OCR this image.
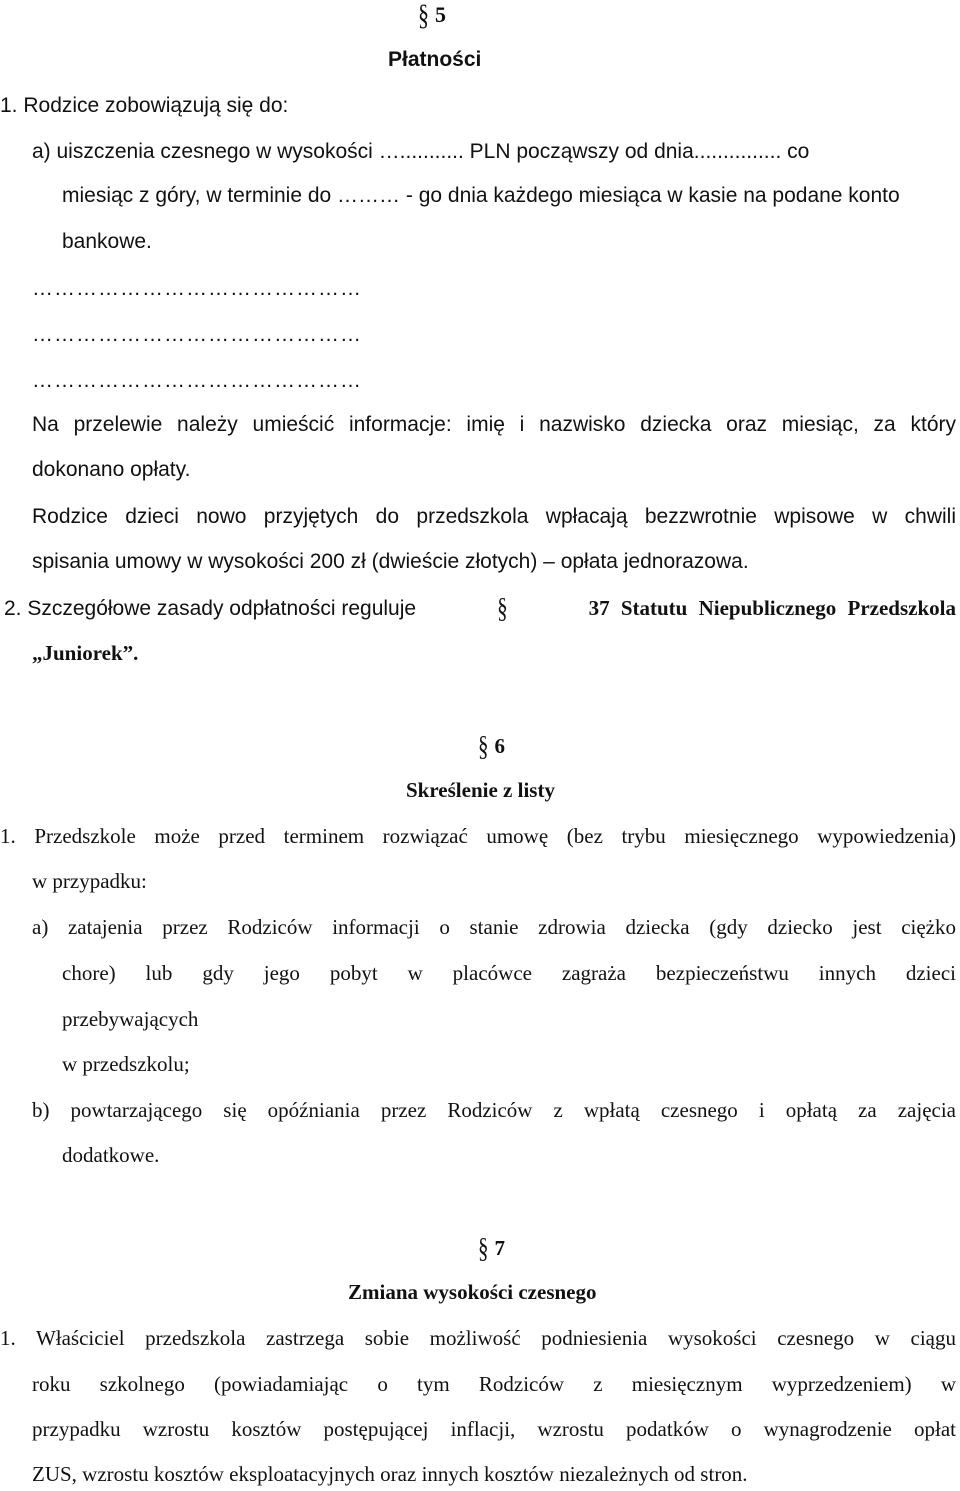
§ 5
Płatności
1. Rodzice zobowiązują się do:
a) uiszczenia czesnego w wysokości …........... PLN począwszy od dnia............... co
miesiąc z góry, w terminie do ……… - go dnia każdego miesiąca w kasie na podane konto
bankowe.
………………………………………
………………………………………
………………………………………
Na przelewie należy umieścić informacje: imię i nazwisko dziecka oraz miesiąc, za który
dokonano opłaty.
Rodzice dzieci nowo przyjętych do przedszkola wpłacają bezzwrotnie wpisowe w chwili
spisania umowy w wysokości 200 zł (dwieście złotych) – opłata jednorazowa.
2. Szczegółowe zasady odpłatności reguluje	§	37 Statutu Niepublicznego Przedszkola
„Juniorek”.
§ 6
Skreślenie z listy
1. Przedszkole może przed terminem rozwiązać umowę (bez trybu miesięcznego wypowiedzenia)
w przypadku:
a) zatajenia przez Rodziców informacji o stanie zdrowia dziecka (gdy dziecko jest ciężko
chore) lub gdy jego pobyt w placówce zagraża bezpieczeństwu innych dzieci
przebywających
w przedszkolu;
b) powtarzającego się opóźniania przez Rodziców z wpłatą czesnego i opłatą za zajęcia
dodatkowe.
§ 7
Zmiana wysokości czesnego
1. Właściciel przedszkola zastrzega sobie możliwość podniesienia wysokości czesnego w ciągu
roku szkolnego (powiadamiając o tym Rodziców z miesięcznym wyprzedzeniem) w
przypadku wzrostu kosztów postępującej inflacji, wzrostu podatków o wynagrodzenie opłat
ZUS, wzrostu kosztów eksploatacyjnych oraz innych kosztów niezależnych od stron.
